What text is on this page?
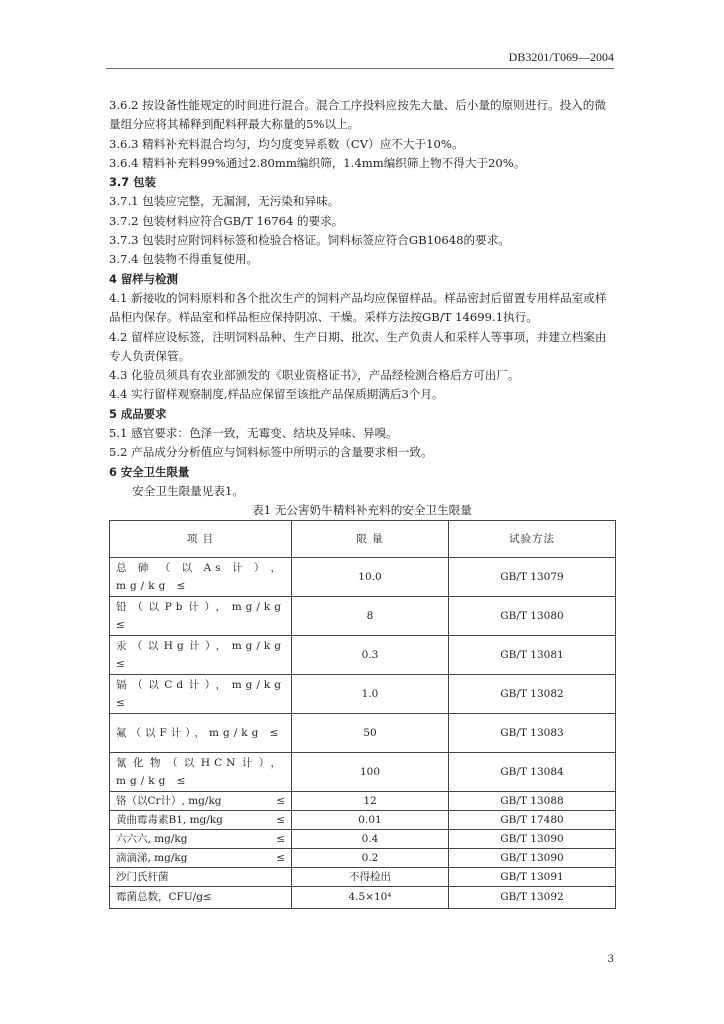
DB3201/T069—2004

3.6.2 按设备性能规定的时间进行混合。混合工序投料应按先大量、后小量的原则进行。投入的微量组分应将其稀释到配料秤最大称量的5%以上。

3.6.3 精料补充料混合均匀，均匀度变异系数（CV）应不大于10%。

3.6.4 精料补充料99%通过2.80mm编织筛，1.4mm编织筛上物不得大于20%。

3.7 包装

3.7.1 包装应完整，无漏洞，无污染和异味。

3.7.2 包装材料应符合GB/T 16764 的要求。

3.7.3 包装时应附饲料标签和检验合格证。饲料标签应符合GB10648的要求。

3.7.4 包装物不得重复使用。

4 留样与检测

4.1 新接收的饲料原料和各个批次生产的饲料产品均应保留样品。样品密封后留置专用样品室或样品柜内保存。样品室和样品柜应保持阴凉、干燥。采样方法按GB/T 14699.1执行。

4.2 留样应设标签，注明饲料品种、生产日期、批次、生产负责人和采样人等事项，并建立档案由专人负责保管。

4.3 化验员须具有农业部颁发的《职业资格证书》，产品经检测合格后方可出厂。

4.4 实行留样观察制度,样品应保留至该批产品保质期满后3个月。

5 成品要求

5.1 感官要求：色泽一致，无霉变、结块及异味、异嗅。

5.2 产品成分分析值应与饲料标签中所明示的含量要求相一致。

6 安全卫生限量

安全卫生限量见表1。

表1 无公害奶牛精料补充料的安全卫生限量
项 目	限 量	试验方法
总砷（以As计），mg/kg ≤	10.0	GB/T 13079
铅（以Pb计），mg/kg ≤	8	GB/T 13080
汞（以Hg计），mg/kg ≤	0.3	GB/T 13081
镉（以Cd计），mg/kg ≤	1.0	GB/T 13082
氟（以F计），mg/kg ≤	50	GB/T 13083
氰化物（以HCN计），mg/kg ≤	100	GB/T 13084

铬（以Cr计）, mg/kg ≤	12	GB/T 13088

黄曲霉毒素B1, mg/kg ≤	0.01	GB/T 17480

六六六, mg/kg ≤	0.4	GB/T 13090

滴滴涕, mg/kg ≤	0.2	GB/T 13090

沙门氏杆菌	不得检出	GB/T 13091

霉菌总数，CFU/g≤	4.5×10⁴	GB/T 13092
3
